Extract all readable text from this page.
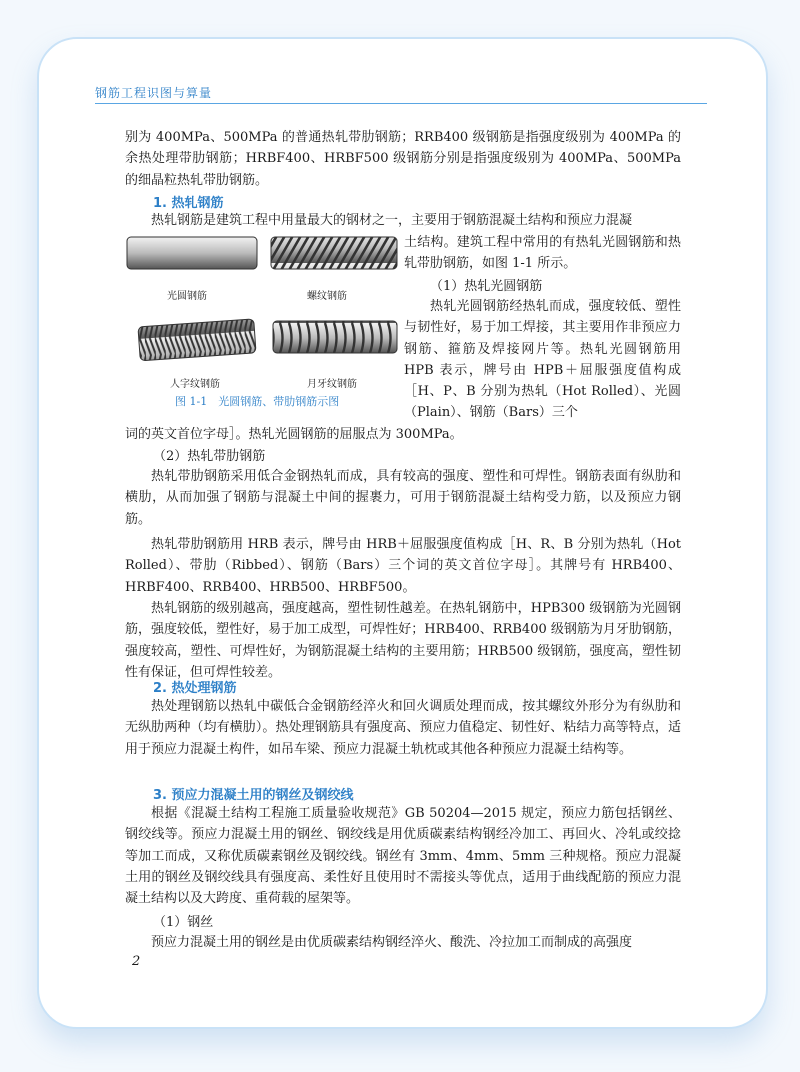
钢筋工程识图与算量

别为 400MPa、500MPa 的普通热轧带肋钢筋；RRB400 级钢筋是指强度级别为 400MPa 的余热处理带肋钢筋；HRBF400、HRBF500 级钢筋分别是指强度级别为 400MPa、500MPa 的细晶粒热轧带肋钢筋。

1. 热轧钢筋

热轧钢筋是建筑工程中用量最大的钢材之一，主要用于钢筋混凝土结构和预应力混凝

光圆钢筋	螺纹钢筋
人字纹钢筋	月牙纹钢筋
图 1-1　光圆钢筋、带肋钢筋示图

土结构。建筑工程中常用的有热轧光圆钢筋和热轧带肋钢筋，如图 1-1 所示。

（1）热轧光圆钢筋

热轧光圆钢筋经热轧而成，强度较低、塑性与韧性好，易于加工焊接，其主要用作非预应力钢筋、箍筋及焊接网片等。热轧光圆钢筋用 HPB 表示，牌号由 HPB＋屈服强度值构成［H、P、B 分别为热轧（Hot Rolled）、光圆（Plain）、钢筋（Bars）三个

词的英文首位字母］。热轧光圆钢筋的屈服点为 300MPa。

（2）热轧带肋钢筋

热轧带肋钢筋采用低合金钢热轧而成，具有较高的强度、塑性和可焊性。钢筋表面有纵肋和横肋，从而加强了钢筋与混凝土中间的握裹力，可用于钢筋混凝土结构受力筋，以及预应力钢筋。

热轧带肋钢筋用 HRB 表示，牌号由 HRB＋屈服强度值构成［H、R、B 分别为热轧（Hot Rolled）、带肋（Ribbed）、钢筋（Bars）三个词的英文首位字母］。其牌号有 HRB400、HRBF400、RRB400、HRB500、HRBF500。

热轧钢筋的级别越高，强度越高，塑性韧性越差。在热轧钢筋中，HPB300 级钢筋为光圆钢筋，强度较低，塑性好，易于加工成型，可焊性好；HRB400、RRB400 级钢筋为月牙肋钢筋，强度较高，塑性、可焊性好，为钢筋混凝土结构的主要用筋；HRB500 级钢筋，强度高，塑性韧性有保证，但可焊性较差。

2. 热处理钢筋

热处理钢筋以热轧中碳低合金钢筋经淬火和回火调质处理而成，按其螺纹外形分为有纵肋和无纵肋两种（均有横肋）。热处理钢筋具有强度高、预应力值稳定、韧性好、粘结力高等特点，适用于预应力混凝土构件，如吊车梁、预应力混凝土轨枕或其他各种预应力混凝土结构等。

3. 预应力混凝土用的钢丝及钢绞线

根据《混凝土结构工程施工质量验收规范》GB 50204—2015 规定，预应力筋包括钢丝、钢绞线等。预应力混凝土用的钢丝、钢绞线是用优质碳素结构钢经冷加工、再回火、冷轧或绞捻等加工而成，又称优质碳素钢丝及钢绞线。钢丝有 3mm、4mm、5mm 三种规格。预应力混凝土用的钢丝及钢绞线具有强度高、柔性好且使用时不需接头等优点，适用于曲线配筋的预应力混凝土结构以及大跨度、重荷载的屋架等。

（1）钢丝

预应力混凝土用的钢丝是由优质碳素结构钢经淬火、酸洗、冷拉加工而制成的高强度

2
